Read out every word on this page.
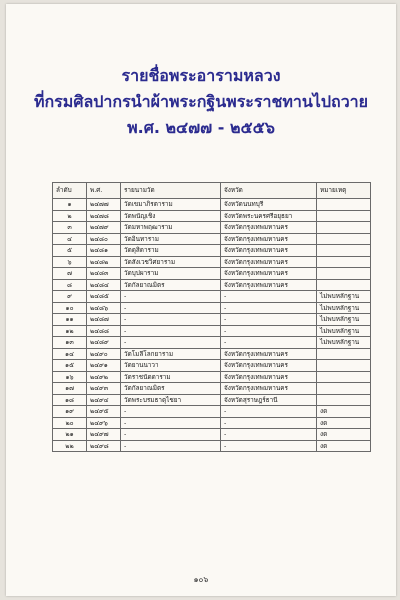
รายชื่อพระอารามหลวง
ที่กรมศิลปากรนำผ้าพระกฐินพระราชทานไปถวาย
พ.ศ. ๒๔๗๗ - ๒๕๕๖
ลำดับ	พ.ศ.	รายนามวัด	จังหวัด	หมายเหตุ
๑	๒๔๗๗	วัดเขมาภิรตาราม	จังหวัดนนทบุรี	
๒	๒๔๗๘	วัดพนัญเชิง	จังหวัดพระนครศรีอยุธยา	
๓	๒๔๗๙	วัดมหาพฤฒาราม	จังหวัดกรุงเทพมหานคร	
๔	๒๔๘๐	วัดอินทาราม	จังหวัดกรุงเทพมหานคร	
๕	๒๔๘๑	วัดดุสิดาราม	จังหวัดกรุงเทพมหานคร	
๖	๒๔๘๒	วัดสังเวชวิศยาราม	จังหวัดกรุงเทพมหานคร	
๗	๒๔๘๓	วัดบุปผาราม	จังหวัดกรุงเทพมหานคร	
๘	๒๔๘๔	วัดกัลยาณมิตร	จังหวัดกรุงเทพมหานคร	
๙	๒๔๘๕	-	-	ไม่พบหลักฐาน
๑๐	๒๔๘๖	-	-	ไม่พบหลักฐาน
๑๑	๒๔๘๗	-	-	ไม่พบหลักฐาน
๑๒	๒๔๘๘	-	-	ไม่พบหลักฐาน
๑๓	๒๔๘๙	-	-	ไม่พบหลักฐาน
๑๔	๒๔๙๐	วัดโมลีโลกยาราม	จังหวัดกรุงเทพมหานคร	
๑๕	๒๔๙๑	วัดยานนาวา	จังหวัดกรุงเทพมหานคร	
๑๖	๒๔๙๒	วัดราชนัดดาราม	จังหวัดกรุงเทพมหานคร	
๑๗	๒๔๙๓	วัดกัลยาณมิตร	จังหวัดกรุงเทพมหานคร	
๑๘	๒๔๙๔	วัดพระบรมธาตุไชยา	จังหวัดสุราษฎร์ธานี	
๑๙	๒๔๙๕	-	-	งด
๒๐	๒๔๙๖	-	-	งด
๒๑	๒๔๙๗	-	-	งด
๒๒	๒๔๙๘	-	-	งด
๑๐๖
